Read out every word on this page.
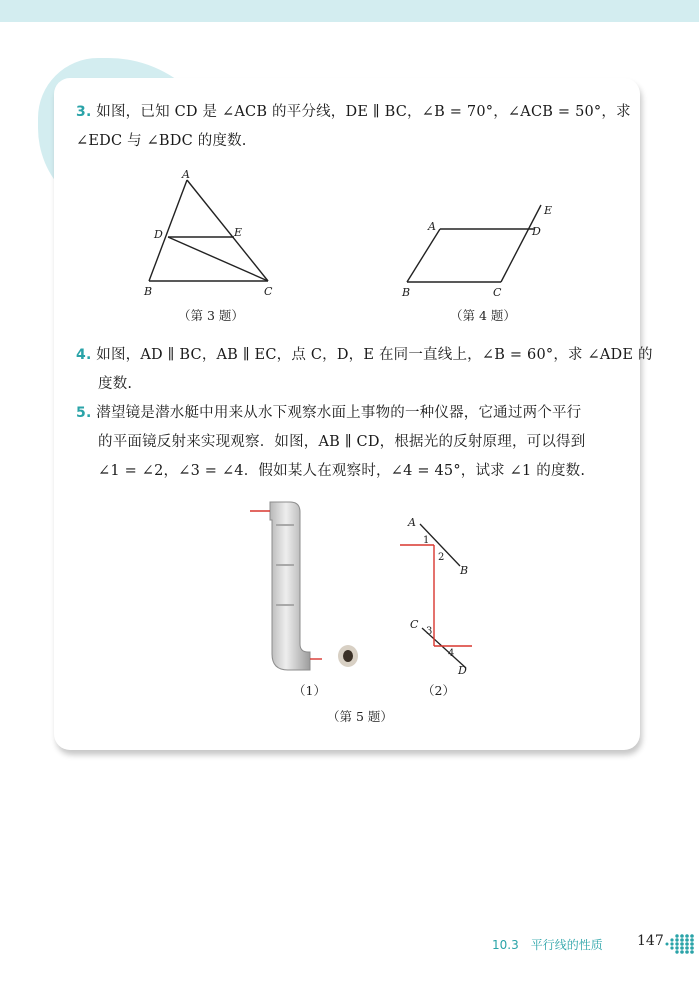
3. 如图，已知 CD 是 ∠ACB 的平分线，DE ∥ BC，∠B = 70°，∠ACB = 50°，求
∠EDC 与 ∠BDC 的度数.
A
D	E
B	C
（第 3 题）
A	D
E
B	C
（第 4 题）
4. 如图，AD ∥ BC，AB ∥ EC，点 C，D，E 在同一直线上，∠B = 60°，求 ∠ADE 的
度数.
5. 潜望镜是潜水艇中用来从水下观察水面上事物的一种仪器，它通过两个平行
的平面镜反射来实现观察．如图，AB ∥ CD，根据光的反射原理，可以得到
∠1 = ∠2，∠3 = ∠4．假如某人在观察时，∠4 = 45°，试求 ∠1 的度数.
（1）
A
B
C
D
1
2
3
4
（2）
（第 5 题）
10.3　平行线的性质 147
